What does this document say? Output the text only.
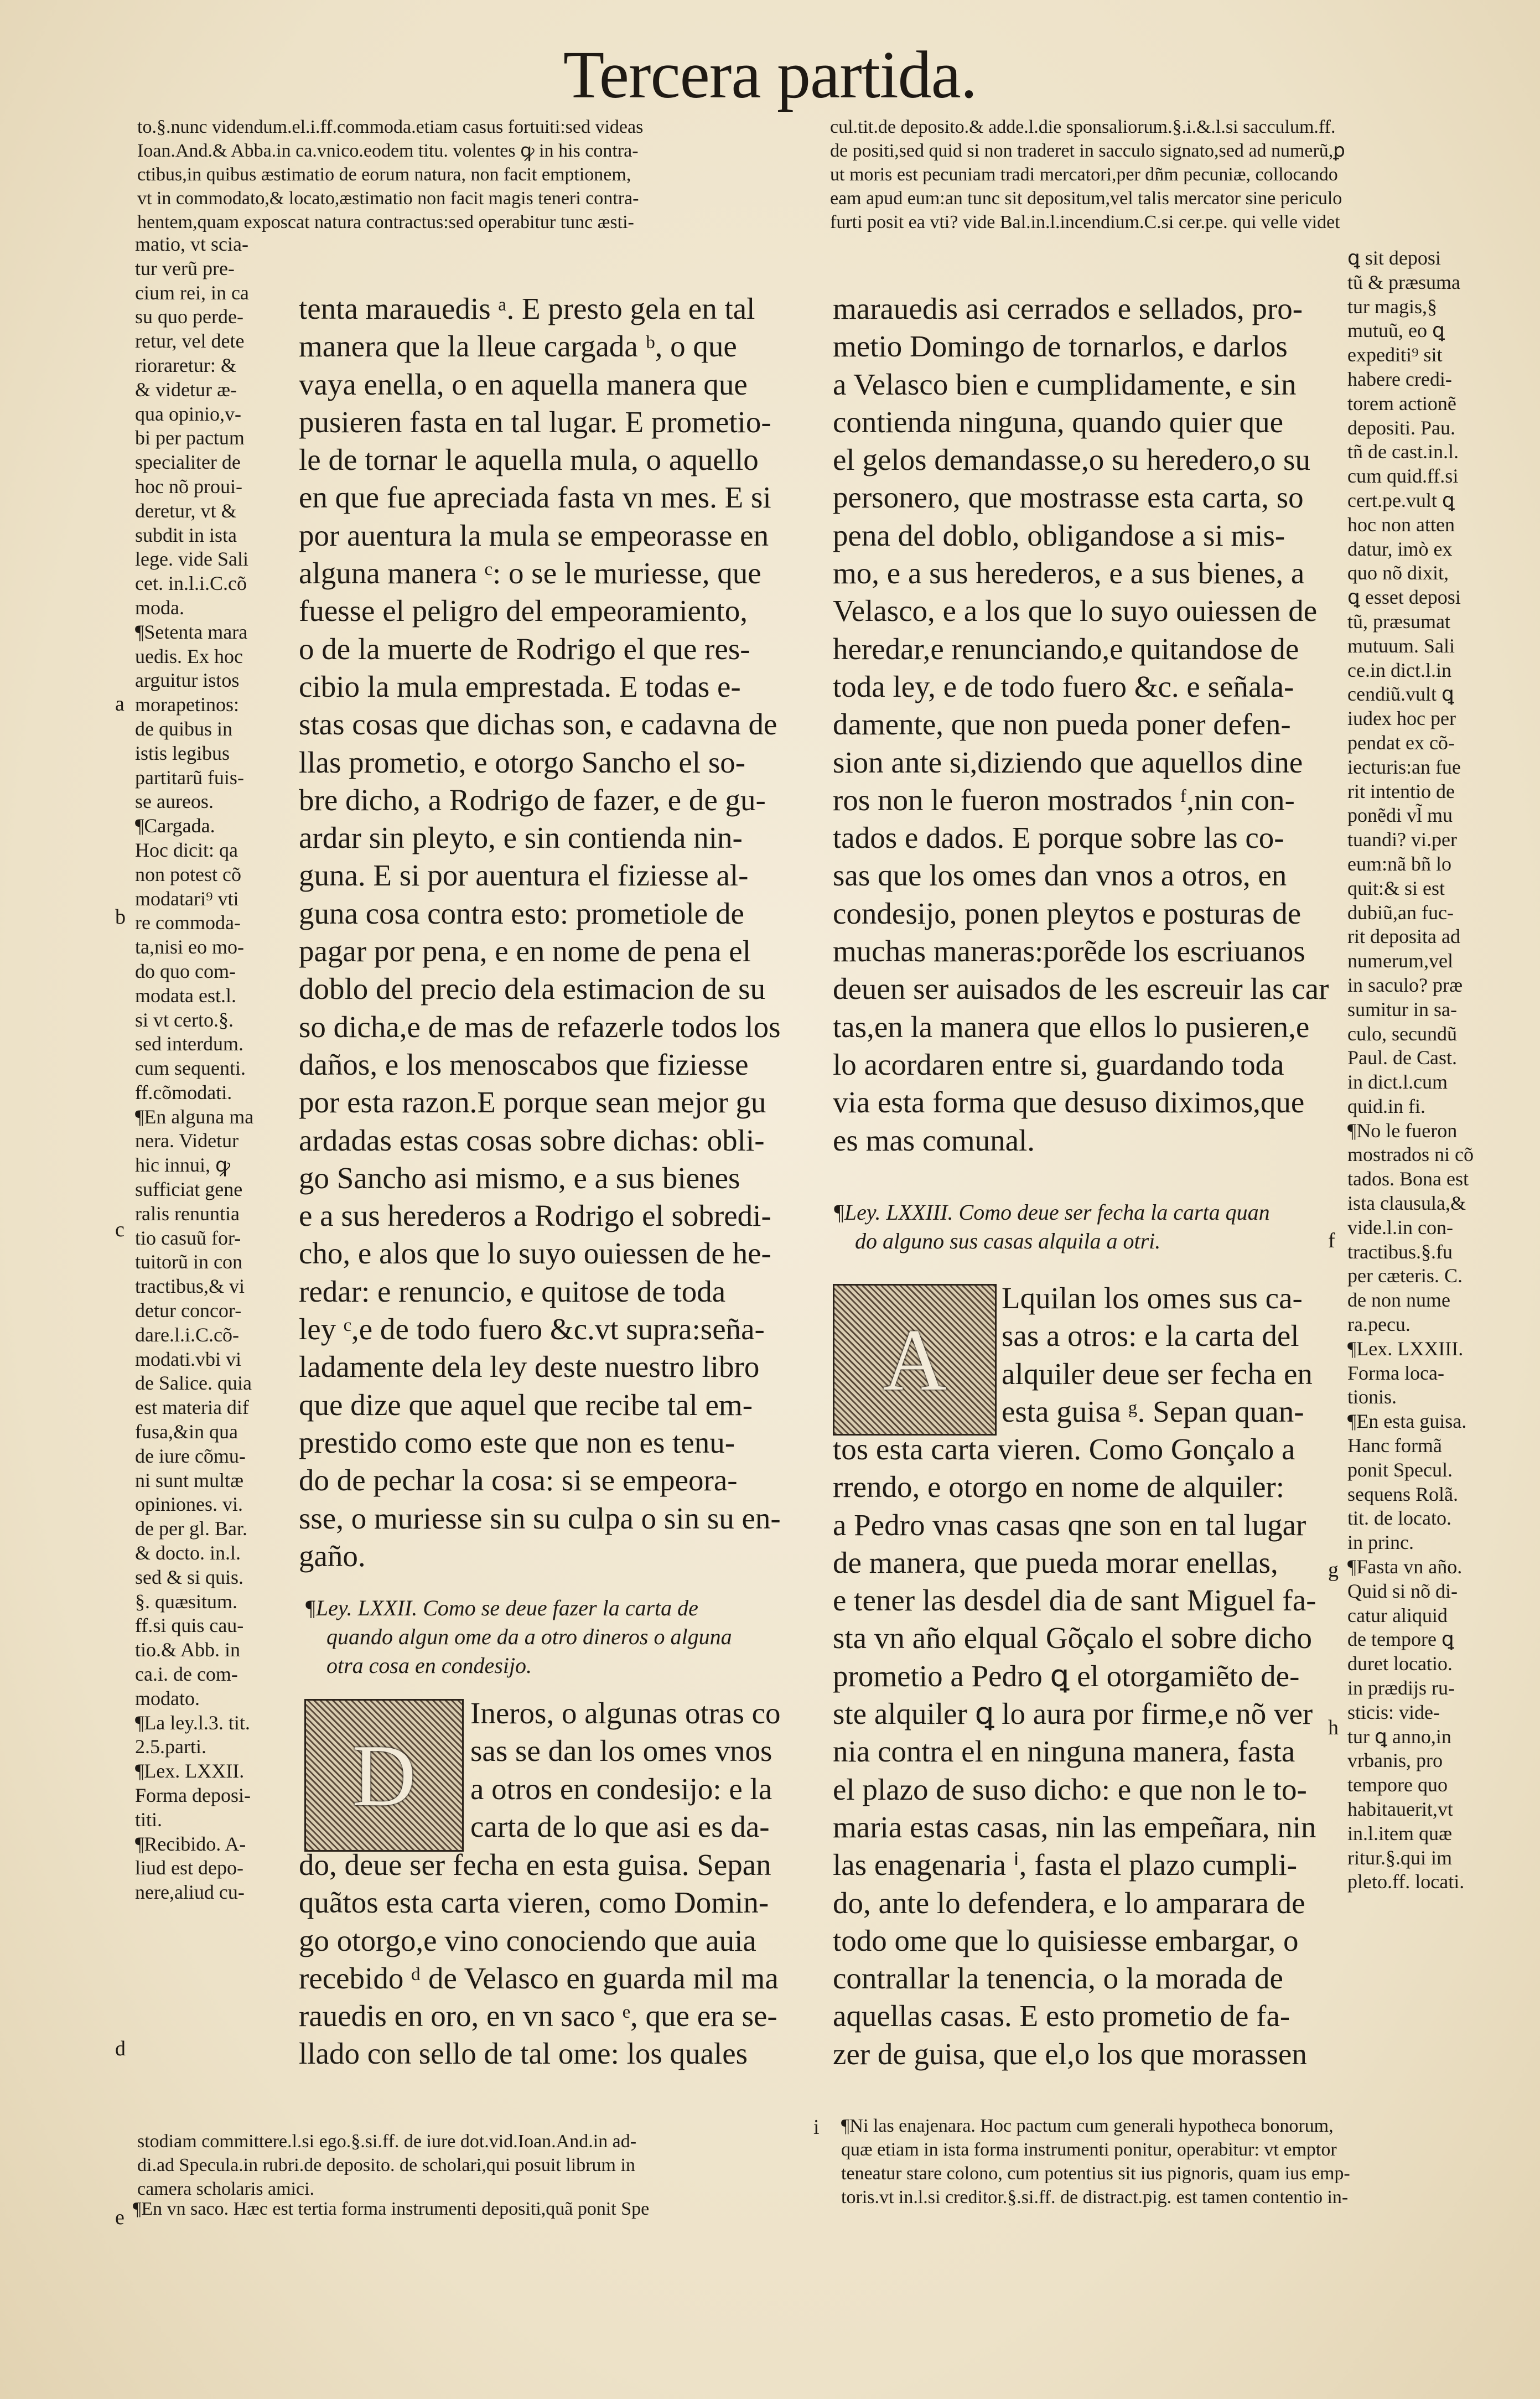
Tercera partida.
to.§.nunc videndum.el.i.ff.commoda.etiam casus fortuiti:sed videas
Ioan.And.& Abba.in ca.vnico.eodem titu. volentes ꝙ in his contra-
ctibus,in quibus æstimatio de eorum natura, non facit emptionem,
vt in commodato,& locato,æstimatio non facit magis teneri contra-
hentem,quam exposcat natura contractus:sed operabitur tunc æsti-
cul.tit.de deposito.& adde.l.die sponsaliorum.§.i.&.l.si sacculum.ff.
de positi,sed quid si non traderet in sacculo signato,sed ad numerũ,ꝑ
ut moris est pecuniam tradi mercatori,per dñm pecuniæ, collocando
eam apud eum:an tunc sit depositum,vel talis mercator sine periculo
furti posit ea vti? vide Bal.in.l.incendium.C.si cer.pe. qui velle videt
matio, vt scia-
tur verũ pre-
cium rei, in ca
su quo perde-
retur, vel dete
rioraretur: &
& videtur æ-
qua opinio,v-
bi per pactum
specialiter de
hoc nõ proui-
deretur, vt &
subdit in ista
lege. vide Sali
cet. in.l.i.C.cõ
moda.
¶Setenta mara
uedis. Ex hoc
arguitur istos
morapetinos:
de quibus in
istis legibus
partitarũ fuis-
se aureos.
¶Cargada.
Hoc dicit: qa
non potest cõ
modatari⁹ vti
re commoda-
ta,nisi eo mo-
do quo com-
modata est.l.
si vt certo.§.
sed interdum.
cum sequenti.
ff.cõmodati.
¶En alguna ma
nera. Videtur
hic innui, ꝙ
sufficiat gene
ralis renuntia
tio casuũ for-
tuitorũ in con
tractibus,& vi
detur concor-
dare.l.i.C.cõ-
modati.vbi vi
de Salice. quia
est materia dif
fusa,&in qua
de iure cõmu-
ni sunt multæ
opiniones. vi.
de per gl. Bar.
& docto. in.l.
sed & si quis.
§. quæsitum.
ff.si quis cau-
tio.& Abb. in
ca.i. de com-
modato.
¶La ley.l.3. tit.
2.5.parti.
¶Lex. LXXII.
Forma deposi-
titi.
¶Recibido. A-
liud est depo-
nere,aliud cu-
a
b
c
d
e
tenta marauedis ᵃ. E presto gela en tal
manera que la lleue cargada ᵇ, o que
vaya enella, o en aquella manera que
pusieren fasta en tal lugar. E prometio-
le de tornar le aquella mula, o aquello
en que fue apreciada fasta vn mes. E si
por auentura la mula se empeorasse en
alguna manera ᶜ: o se le muriesse, que
fuesse el peligro del empeoramiento,
o de la muerte de Rodrigo el que res-
cibio la mula emprestada. E todas e-
stas cosas que dichas son, e cadavna de
llas prometio, e otorgo Sancho el so-
bre dicho, a Rodrigo de fazer, e de gu-
ardar sin pleyto, e sin contienda nin-
guna. E si por auentura el fiziesse al-
guna cosa contra esto: prometiole de
pagar por pena, e en nome de pena el
doblo del precio dela estimacion de su
so dicha,e de mas de refazerle todos los
daños, e los menoscabos que fiziesse
por esta razon.E porque sean mejor gu
ardadas estas cosas sobre dichas: obli-
go Sancho asi mismo, e a sus bienes
e a sus herederos a Rodrigo el sobredi-
cho, e alos que lo suyo ouiessen de he-
redar: e renuncio, e quitose de toda
ley ᶜ,e de todo fuero &c.vt supra:seña-
ladamente dela ley deste nuestro libro
que dize que aquel que recibe tal em-
prestido como este que non es tenu-
do de pechar la cosa: si se empeora-
sse, o muriesse sin su culpa o sin su en-
gaño.
¶Ley. LXXII. Como se deue fazer la carta de
quando algun ome da a otro dineros o alguna
otra cosa en condesijo.
D
Ineros, o algunas otras co
sas se dan los omes vnos
a otros en condesijo: e la
carta de lo que asi es da-
do, deue ser fecha en esta guisa. Sepan
quãtos esta carta vieren, como Domin-
go otorgo,e vino conociendo que auia
recebido ᵈ de Velasco en guarda mil ma
rauedis en oro, en vn saco ᵉ, que era se-
llado con sello de tal ome: los quales
stodiam committere.l.si ego.§.si.ff. de iure dot.vid.Ioan.And.in ad-
di.ad Specula.in rubri.de deposito. de scholari,qui posuit librum in
camera scholaris amici.
¶En vn saco. Hæc est tertia forma instrumenti depositi,quã ponit Spe
marauedis asi cerrados e sellados, pro-
metio Domingo de tornarlos, e darlos
a Velasco bien e cumplidamente, e sin
contienda ninguna, quando quier que
el gelos demandasse,o su heredero,o su
personero, que mostrasse esta carta, so
pena del doblo, obligandose a si mis-
mo, e a sus herederos, e a sus bienes, a
Velasco, e a los que lo suyo ouiessen de
heredar,e renunciando,e quitandose de
toda ley, e de todo fuero &c. e señala-
damente, que non pueda poner defen-
sion ante si,diziendo que aquellos dine
ros non le fueron mostrados ᶠ,nin con-
tados e dados. E porque sobre las co-
sas que los omes dan vnos a otros, en
condesijo, ponen pleytos e posturas de
muchas maneras:porẽde los escriuanos
deuen ser auisados de les escreuir las car
tas,en la manera que ellos lo pusieren,e
lo acordaren entre si, guardando toda
via esta forma que desuso diximos,que
es mas comunal.
¶Ley. LXXIII. Como deue ser fecha la carta quan
do alguno sus casas alquila a otri.
A
Lquilan los omes sus ca-
sas a otros: e la carta del
alquiler deue ser fecha en
esta guisa ᵍ. Sepan quan-
tos esta carta vieren. Como Gonçalo a
rrendo, e otorgo en nome de alquiler:
a Pedro vnas casas qne son en tal lugar
de manera, que pueda morar enellas,
e tener las desdel dia de sant Miguel fa-
sta vn año elqual Gõçalo el sobre dicho
prometio a Pedro ꝗ el otorgamiẽto de-
ste alquiler ꝗ lo aura por firme,e nõ ver
nia contra el en ninguna manera, fasta
el plazo de suso dicho: e que non le to-
maria estas casas, nin las empeñara, nin
las enagenaria ⁱ, fasta el plazo cumpli-
do, ante lo defendera, e lo amparara de
todo ome que lo quisiesse embargar, o
contrallar la tenencia, o la morada de
aquellas casas. E esto prometio de fa-
zer de guisa, que el,o los que morassen
¶Ni las enajenara. Hoc pactum cum generali hypotheca bonorum,
quæ etiam in ista forma instrumenti ponitur, operabitur: vt emptor
teneatur stare colono, cum potentius sit ius pignoris, quam ius emp-
toris.vt in.l.si creditor.§.si.ff. de distract.pig. est tamen contentio in-
ꝗ sit deposi
tũ & præsuma
tur magis,§
mutuũ, eo ꝗ
expediti⁹ sit
habere credi-
torem actionẽ
depositi. Pau.
tñ de cast.in.l.
cum quid.ff.si
cert.pe.vult ꝗ
hoc non atten
datur, imò ex
quo nõ dixit,
ꝗ esset deposi
tũ, præsumat
mutuum. Sali
ce.in dict.l.in
cendiũ.vult ꝗ
iudex hoc per
pendat ex cõ-
iecturis:an fue
rit intentio de
ponẽdi vl̃ mu
tuandi? vi.per
eum:nã bñ lo
quit:& si est
dubiũ,an fuc-
rit deposita ad
numerum,vel
in saculo? præ
sumitur in sa-
culo, secundũ
Paul. de Cast.
in dict.l.cum
quid.in fi.
¶No le fueron
mostrados ni cõ
tados. Bona est
ista clausula,&
vide.l.in con-
tractibus.§.fu
per cæteris. C.
de non nume
ra.pecu.
¶Lex. LXXIII.
Forma loca-
tionis.
¶En esta guisa.
Hanc formã
ponit Specul.
sequens Rolã.
tit. de locato.
in princ.
¶Fasta vn año.
Quid si nõ di-
catur aliquid
de tempore ꝗ
duret locatio.
in prædijs ru-
sticis: vide-
tur ꝗ anno,in
vrbanis, pro
tempore quo
habitauerit,vt
in.l.item quæ
ritur.§.qui im
pleto.ff. locati.
f
g
h
i
